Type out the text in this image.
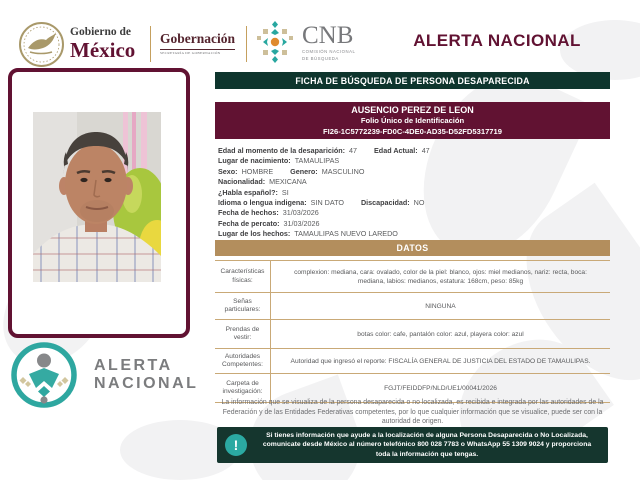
Gobierno de
México Gobernación
SECRETARÍA DE GOBERNACIÓN
CNB
COMISIÓN NACIONAL
DE BÚSQUEDA
ALERTA NACIONAL
ALERTA
NACIONAL
FICHA DE BÚSQUEDA DE PERSONA DESAPARECIDA
AUSENCIO PEREZ DE LEON
Folio Único de Identificación
FI26-1C5772239-FD0C-4DE0-AD35-D52FD5317719
Edad al momento de la desaparición: 47 Edad Actual: 47
Lugar de nacimiento: TAMAULIPAS
Sexo: HOMBRE Genero: MASCULINO
Nacionalidad: MEXICANA
¿Habla español?: SI
Idioma o lengua indigena: SIN DATO Discapacidad: NO
Fecha de hechos: 31/03/2026
Fecha de percato: 31/03/2026
Lugar de los hechos: TAMAULIPAS NUEVO LAREDO
DATOS
Características físicas:
complexion: mediana, cara: ovalado, color de la piel: blanco, ojos: miel medianos, nariz: recta, boca: mediana, labios: medianos, estatura: 168cm, peso: 85kg
Señas particulares:	NINGUNA
Prendas de vestir:	botas color: cafe, pantalón color: azul, playera color: azul
Autoridades Competentes:	Autoridad que ingresó el reporte: FISCALÍA GENERAL DE JUSTICIA DEL ESTADO DE TAMAULIPAS.
Carpeta de investigación:	FGJT/FEIDDFP/NLD/UE1/00041/2026

La información que se visualiza de la persona desaparecida o no localizada, es recibida e integrada por las autoridades de la Federación y de las Entidades Federativas competentes, por lo que cualquier información que se visualice, puede ser con la autoridad de origen.

!
Si tienes información que ayude a la localización de alguna Persona Desaparecida o No Localizada, comunicate desde México al número telefónico 800 028 7783 o WhatsApp 55 1309 9024 y proporciona toda la información que tengas.
